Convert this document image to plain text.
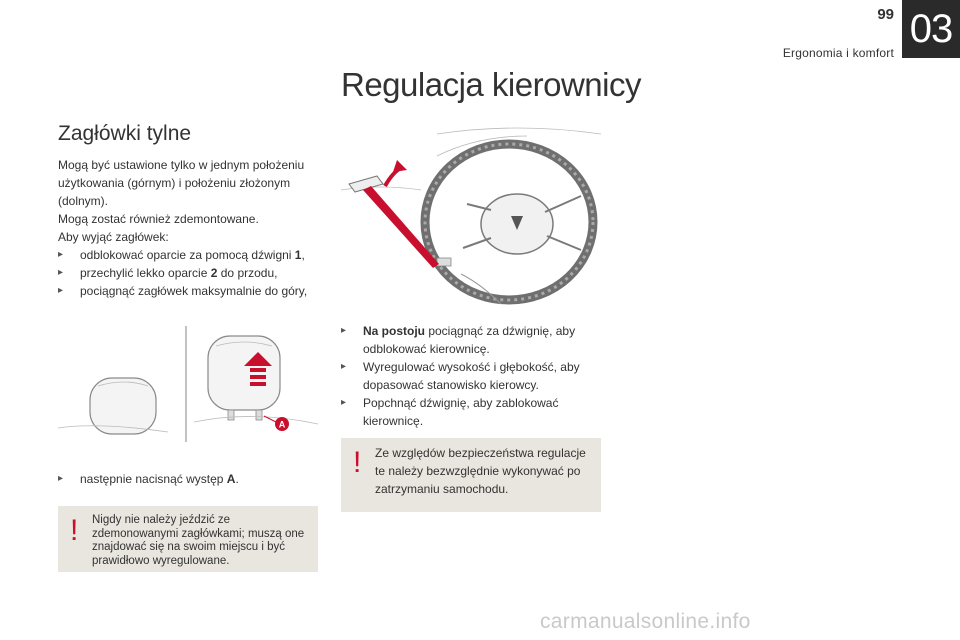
99
Ergonomia i komfort
03
Regulacja kierownicy
Zagłówki tylne
Mogą być ustawione tylko w jednym położeniu użytkowania (górnym) i położeniu złożonym (dolnym).
Mogą zostać również zdemontowane.
Aby wyjąć zagłówek:
▸ odblokować oparcie za pomocą dźwigni 1,
▸ przechylić lekko oparcie 2 do przodu,
▸ pociągnąć zagłówek maksymalnie do góry,
A
▸ następnie nacisnąć występ A.
! Nigdy nie należy jeździć ze zdemonowanymi zagłówkami; muszą one znajdować się na swoim miejscu i być prawidłowo wyregulowane.
▸ Na postoju pociągnąć za dźwignię, aby odblokować kierownicę.
▸ Wyregulować wysokość i głębokość, aby dopasować stanowisko kierowcy.
▸ Popchnąć dźwignię, aby zablokować kierownicę.
! Ze względów bezpieczeństwa regulacje te należy bezwzględnie wykonywać po zatrzymaniu samochodu.
carmanualsonline.info
